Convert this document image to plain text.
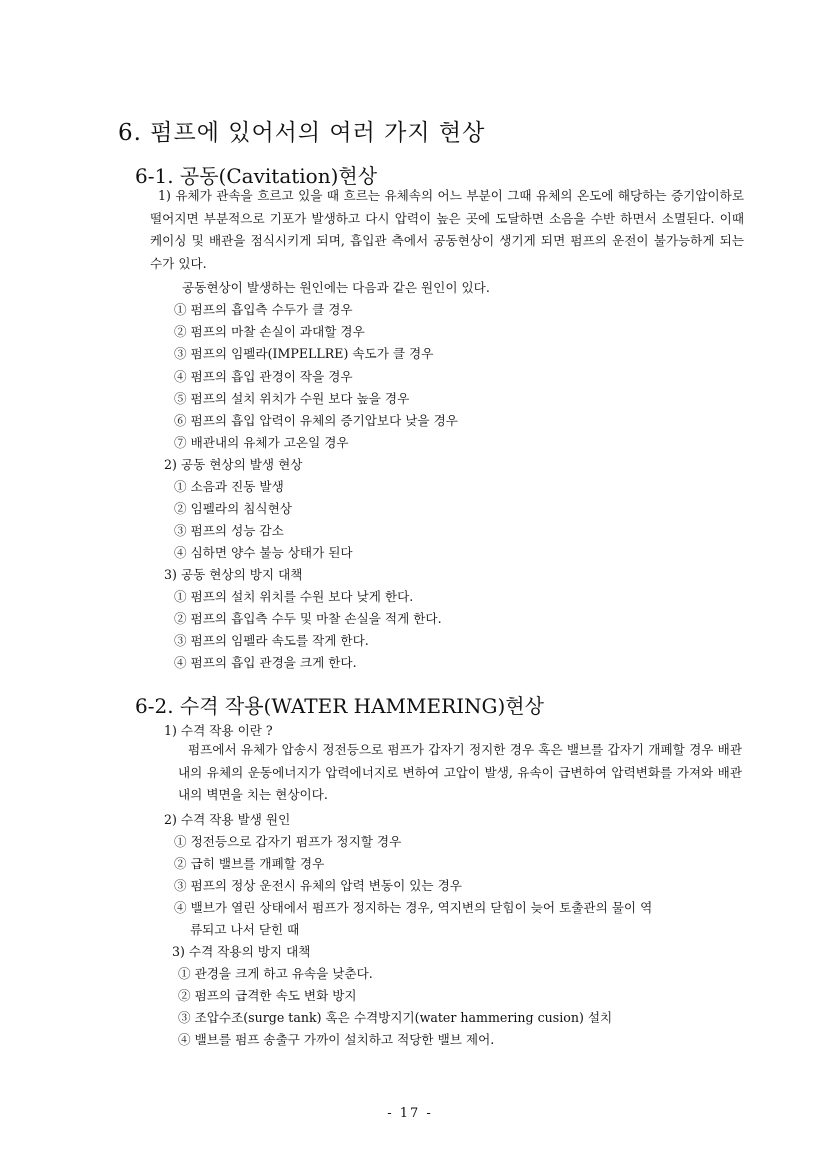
6. 펌프에 있어서의 여러 가지 현상
6-1. 공동(Cavitation)현상
1) 유체가 관속을 흐르고 있을 때 흐르는 유체속의 어느 부분이 그때 유체의 온도에 해당하는 증기압이하로 떨어지면 부분적으로 기포가 발생하고 다시 압력이 높은 곳에 도달하면 소음을 수반 하면서 소멸된다. 이때 케이싱 및 배관을 점식시키게 되며, 흡입관 측에서 공동현상이 생기게 되면 펌프의 운전이 불가능하게 되는 수가 있다.
공동현상이 발생하는 원인에는 다음과 같은 원인이 있다.
① 펌프의 흡입측 수두가 클 경우
② 펌프의 마찰 손실이 과대할 경우
③ 펌프의 임펠라(IMPELLRE) 속도가 클 경우
④ 펌프의 흡입 관경이 작을 경우
⑤ 펌프의 설치 위치가 수원 보다 높을 경우
⑥ 펌프의 흡입 압력이 유체의 증기압보다 낮을 경우
⑦ 배관내의 유체가 고온일 경우
2) 공동 현상의 발생 현상
① 소음과 진동 발생
② 임펠라의 침식현상
③ 펌프의 성능 감소
④ 심하면 양수 불능 상태가 된다
3) 공동 현상의 방지 대책
① 펌프의 설치 위치를 수원 보다 낮게 한다.
② 펌프의 흡입측 수두 및 마찰 손실을 적게 한다.
③ 펌프의 임펠라 속도를 작게 한다.
④ 펌프의 흡입 관경을 크게 한다.
6-2. 수격 작용(WATER HAMMERING)현상
1) 수격 작용 이란 ?
펌프에서 유체가 압송시 정전등으로 펌프가 갑자기 정지한 경우 혹은 밸브를 갑자기 개폐할 경우 배관내의 유체의 운동에너지가 압력에너지로 변하여 고압이 발생, 유속이 급변하여 압력변화를 가져와 배관내의 벽면을 치는 현상이다.
2) 수격 작용 발생 원인
① 정전등으로 갑자기 펌프가 정지할 경우
② 급히 밸브를 개폐할 경우
③ 펌프의 정상 운전시 유체의 압력 변동이 있는 경우
④ 밸브가 열린 상태에서 펌프가 정지하는 경우, 역지변의 닫힘이 늦어 토출관의 물이 역
류되고 나서 닫힌 때
3) 수격 작용의 방지 대책
① 관경을 크게 하고 유속을 낮춘다.
② 펌프의 급격한 속도 변화 방지
③ 조압수조(surge tank) 혹은 수격방지기(water hammering cusion) 설치
④ 밸브를 펌프 송출구 가까이 설치하고 적당한 밸브 제어.
- 17 -
